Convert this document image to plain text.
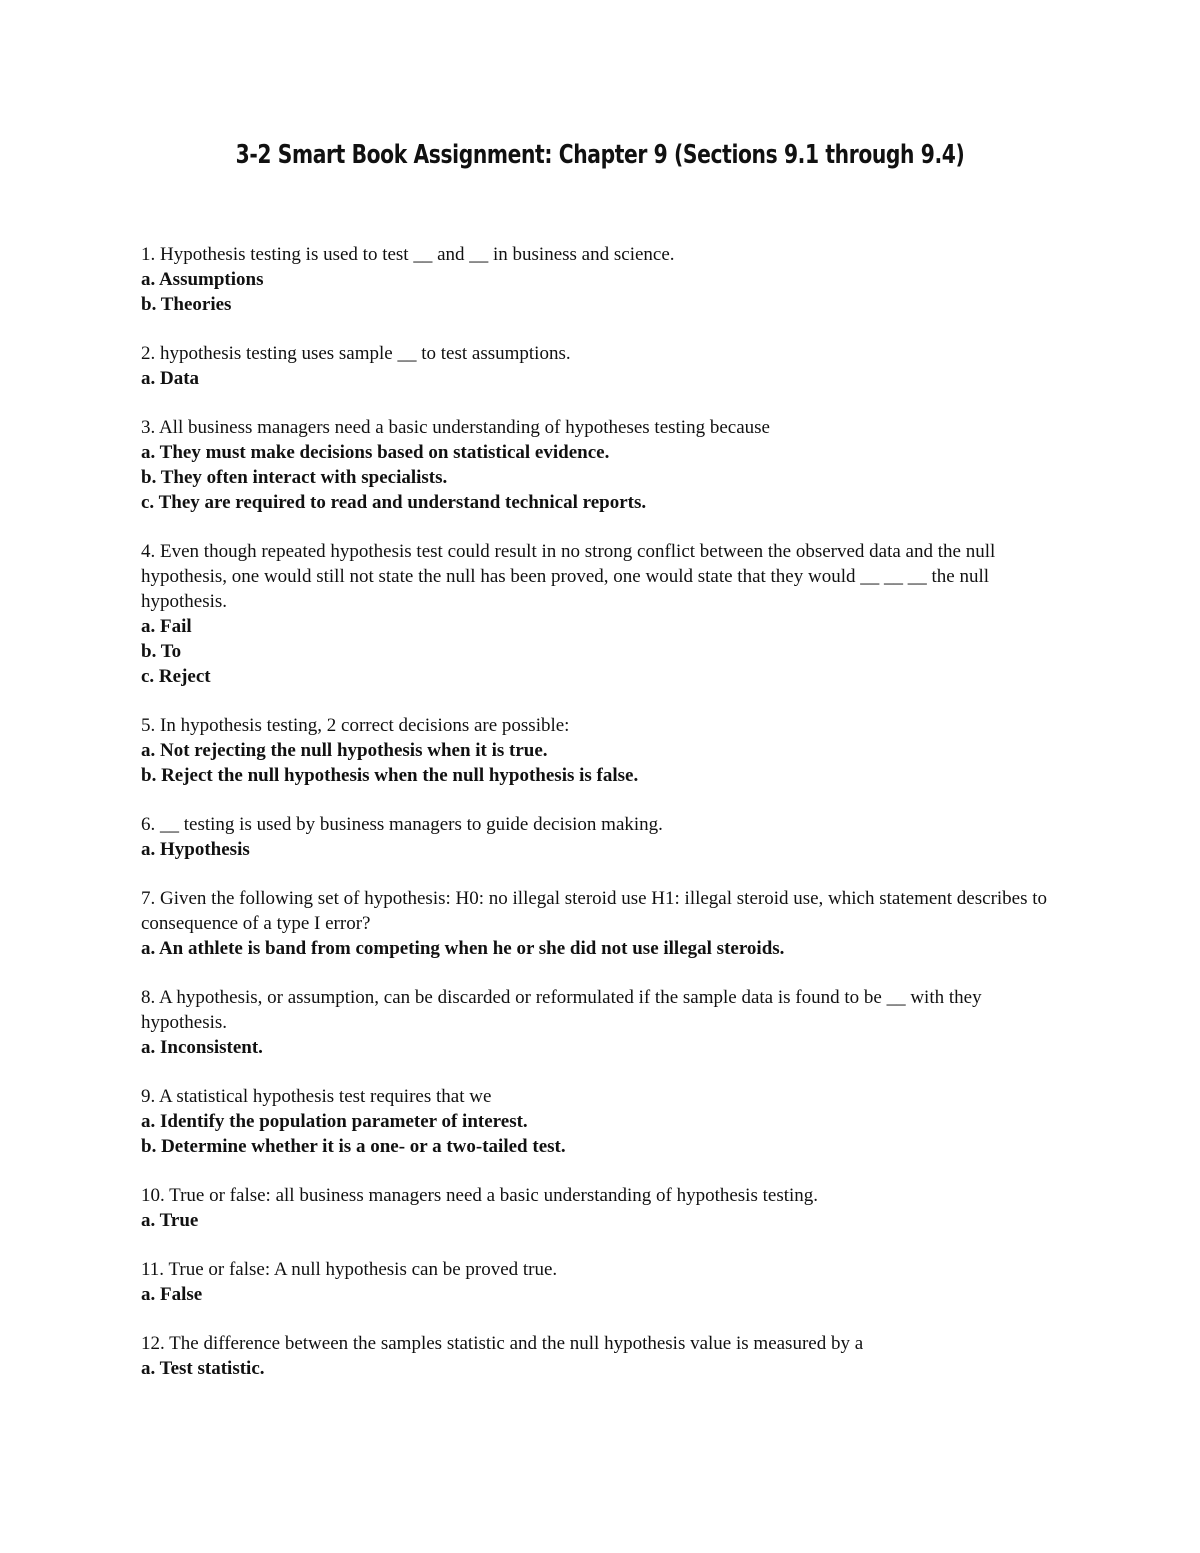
3-2 Smart Book Assignment: Chapter 9 (Sections 9.1 through 9.4)
1. Hypothesis testing is used to test __ and __ in business and science.
a. Assumptions
b. Theories
2. hypothesis testing uses sample __ to test assumptions.
a. Data
3. All business managers need a basic understanding of hypotheses testing because
a. They must make decisions based on statistical evidence.
b. They often interact with specialists.
c. They are required to read and understand technical reports.
4. Even though repeated hypothesis test could result in no strong conflict between the observed data and the null hypothesis, one would still not state the null has been proved, one would state that they would __ __ __ the null hypothesis.
a. Fail
b. To
c. Reject
5. In hypothesis testing, 2 correct decisions are possible:
a. Not rejecting the null hypothesis when it is true.
b. Reject the null hypothesis when the null hypothesis is false.
6. __ testing is used by business managers to guide decision making.
a. Hypothesis
7. Given the following set of hypothesis: H0: no illegal steroid use H1: illegal steroid use, which statement describes to consequence of a type I error?
a. An athlete is band from competing when he or she did not use illegal steroids.
8. A hypothesis, or assumption, can be discarded or reformulated if the sample data is found to be __ with they hypothesis.
a. Inconsistent.
9. A statistical hypothesis test requires that we
a. Identify the population parameter of interest.
b. Determine whether it is a one- or a two-tailed test.
10. True or false: all business managers need a basic understanding of hypothesis testing.
a. True
11. True or false: A null hypothesis can be proved true.
a. False
12. The difference between the samples statistic and the null hypothesis value is measured by a
a. Test statistic.
